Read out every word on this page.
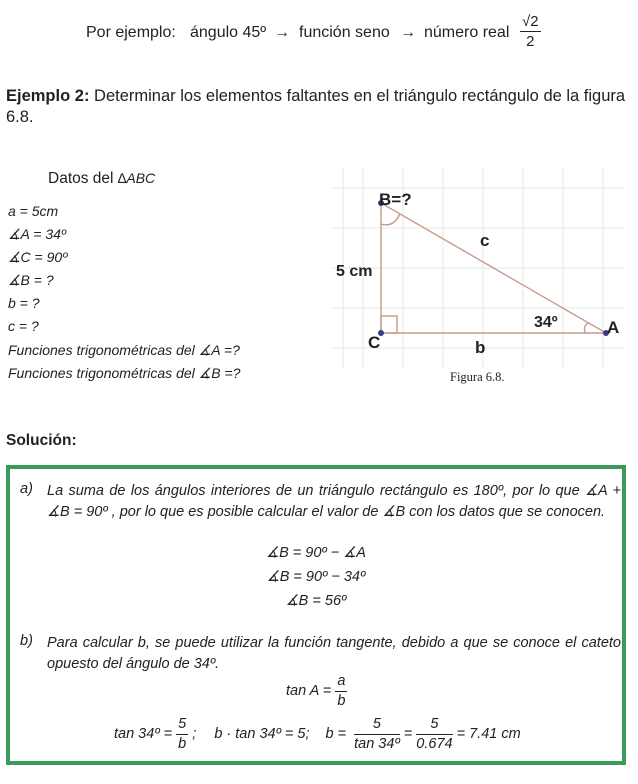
Por ejemplo: ángulo 45º → función seno → número real $\frac{√2}{2}$
Ejemplo 2: Determinar los elementos faltantes en el triángulo rectángulo de la figura 6.8.
Datos del ∆ABC
a = 5cm
∡A = 34º
∡C = 90º
∡B = ?
b = ?
c = ?
Funciones trigonométricas del ∡A =?
Funciones trigonométricas del ∡B =?
B=?
c
5 cm
34º	A
C	b
Figura 6.8.
Solución:
a) La suma de los ángulos interiores de un triángulo rectángulo es 180º, por lo que ∡A + ∡B = 90º , por lo que es posible calcular el valor de ∡B con los datos que se conocen.
∡B = 90º − ∡A
∡B = 90º − 34º
∡B = 56º
b) Para calcular b, se puede utilizar la función tangente, debido a que se conoce el cateto opuesto del ángulo de 34º.
$\tan A = \frac{a}{b}$
tan 34º = $\frac{5}{b}$ ; b · tan 34º = 5; $b = \frac{5}{\text{tan 34º}} = \frac{5}{0.674} = 7.41$ cm
